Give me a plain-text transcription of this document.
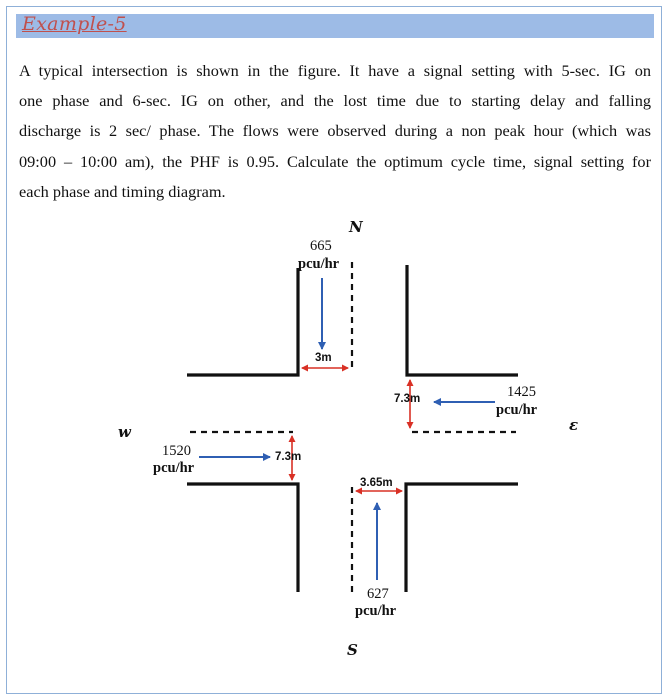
Example-5

A typical intersection is shown in the figure. It have a signal setting with 5-sec. IG on
one phase and 6-sec. IG on other, and the lost time due to starting delay and falling
discharge is 2 sec/ phase. The flows were observed during a non peak hour (which was
09:00 – 10:00 am), the PHF is 0.95. Calculate the optimum cycle time, signal setting for
each phase and timing diagram.

N
S
ε
w
665
pcu/hr
1425
pcu/hr
1520
pcu/hr
627
pcu/hr
3m
7.3m
7.3m
3.65m
